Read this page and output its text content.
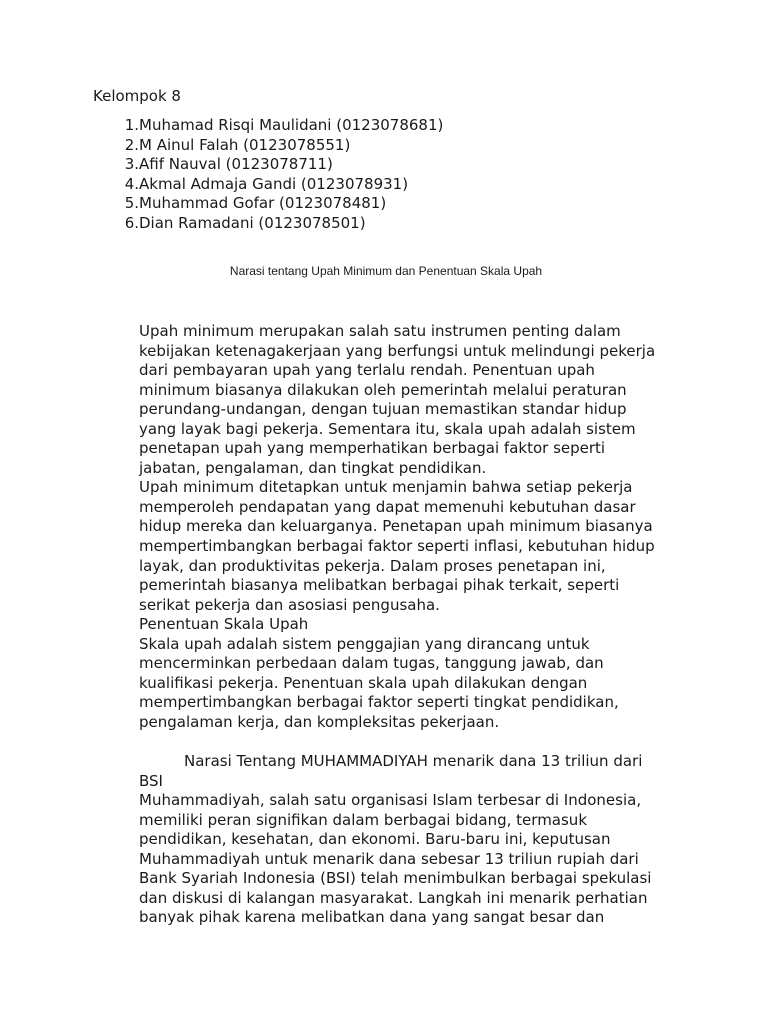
Kelompok 8
1. Muhamad Risqi Maulidani (0123078681)
2. M Ainul Falah (0123078551)
3. Afif Nauval (0123078711)
4. Akmal Admaja Gandi (0123078931)
5. Muhammad Gofar (0123078481)
6. Dian Ramadani (0123078501)
Narasi tentang Upah Minimum dan Penentuan Skala Upah

Upah minimum merupakan salah satu instrumen penting dalam
kebijakan ketenagakerjaan yang berfungsi untuk melindungi pekerja
dari pembayaran upah yang terlalu rendah. Penentuan upah
minimum biasanya dilakukan oleh pemerintah melalui peraturan
perundang-undangan, dengan tujuan memastikan standar hidup
yang layak bagi pekerja. Sementara itu, skala upah adalah sistem
penetapan upah yang memperhatikan berbagai faktor seperti
jabatan, pengalaman, dan tingkat pendidikan.

Upah minimum ditetapkan untuk menjamin bahwa setiap pekerja
memperoleh pendapatan yang dapat memenuhi kebutuhan dasar
hidup mereka dan keluarganya. Penetapan upah minimum biasanya
mempertimbangkan berbagai faktor seperti inflasi, kebutuhan hidup
layak, dan produktivitas pekerja. Dalam proses penetapan ini,
pemerintah biasanya melibatkan berbagai pihak terkait, seperti
serikat pekerja dan asosiasi pengusaha.

Penentuan Skala Upah

Skala upah adalah sistem penggajian yang dirancang untuk
mencerminkan perbedaan dalam tugas, tanggung jawab, dan
kualifikasi pekerja. Penentuan skala upah dilakukan dengan
mempertimbangkan berbagai faktor seperti tingkat pendidikan,
pengalaman kerja, dan kompleksitas pekerjaan.

Narasi Tentang MUHAMMADIYAH menarik dana 13 triliun dari

BSI

Muhammadiyah, salah satu organisasi Islam terbesar di Indonesia,
memiliki peran signifikan dalam berbagai bidang, termasuk
pendidikan, kesehatan, dan ekonomi. Baru-baru ini, keputusan
Muhammadiyah untuk menarik dana sebesar 13 triliun rupiah dari
Bank Syariah Indonesia (BSI) telah menimbulkan berbagai spekulasi
dan diskusi di kalangan masyarakat. Langkah ini menarik perhatian
banyak pihak karena melibatkan dana yang sangat besar dan
